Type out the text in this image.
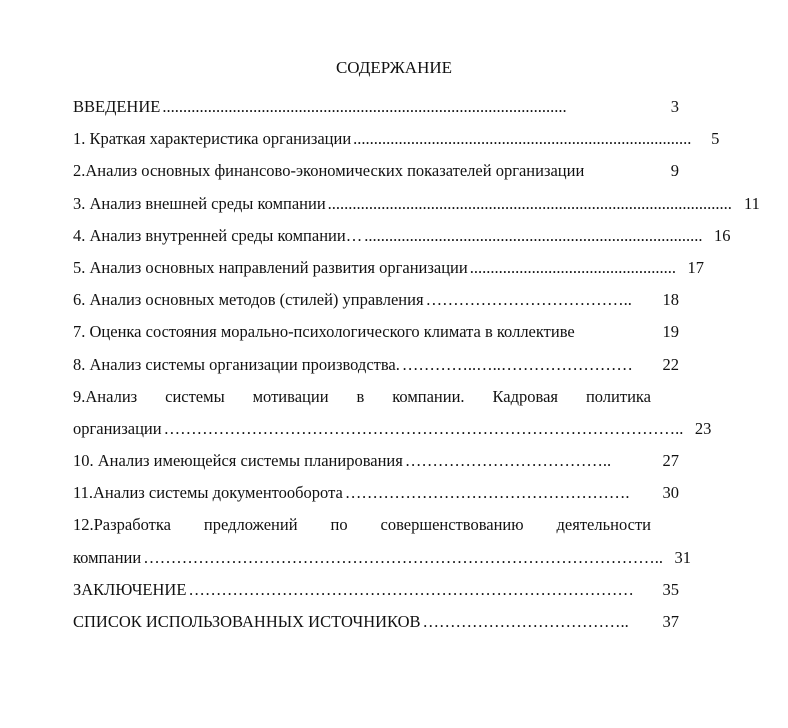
СОДЕРЖАНИЕ
ВВЕДЕНИЕ ..................................................................................................	3
1. Краткая характеристика организации ..................................................................................	5
2.Анализ основных финансово-экономических показателей организации	9
3. Анализ внешней среды компании .................................................................................................. 11
4. Анализ внутренней среды компании… .................................................................................. 16
5. Анализ основных направлений развития организации .................................................. 17
6. Анализ основных методов (стилей) управления ………………………………..	18
7. Оценка состояния морально-психологического климата в коллективе	19
8. Анализ системы организации производства. …………..…..……………………	22
9.Анализ системы мотивации в компании. Кадровая политика
организации ………………………………………………………………………………….. 23
10. Анализ имеющейся системы планирования ………………………………..	27
11.Анализ системы документооборота …………………………………………….	30
12.Разработка предложений по совершенствованию деятельности
компании ………………………………………………………………………………….. 31
ЗАКЛЮЧЕНИЕ ………………………………………………………………………	35
СПИСОК ИСПОЛЬЗОВАННЫХ ИСТОЧНИКОВ ………………………………..	37
